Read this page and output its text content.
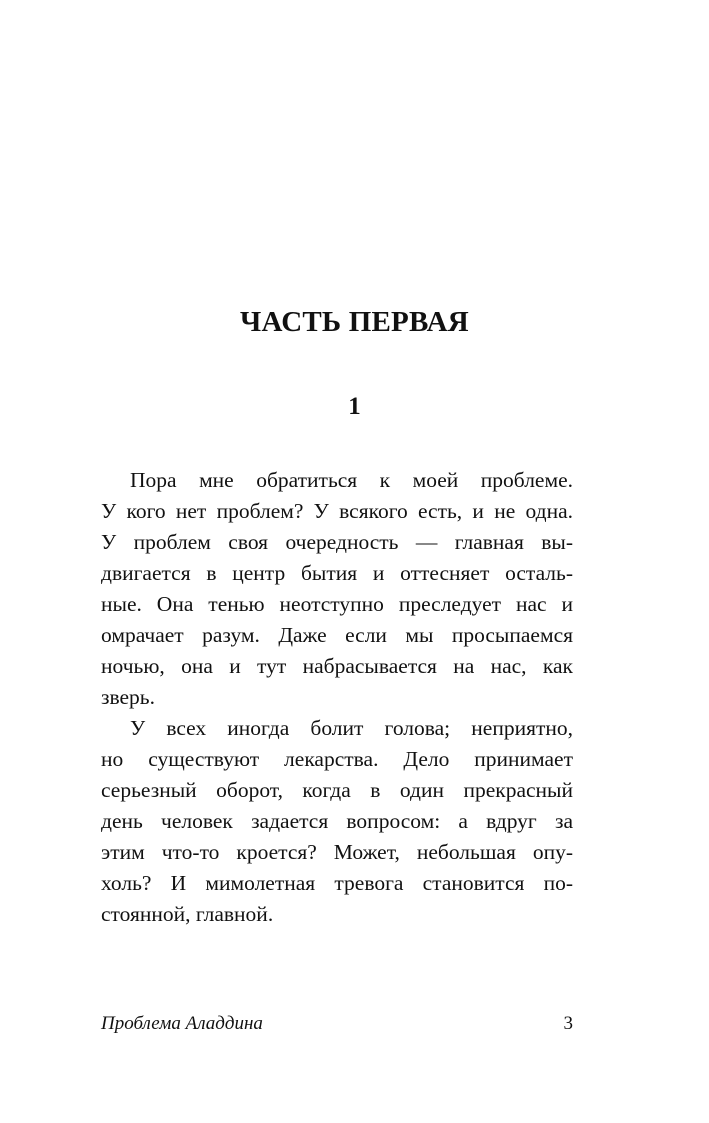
ЧАСТЬ ПЕРВАЯ
1
Пора мне обратиться к моей проблеме.
У кого нет проблем? У всякого есть, и не одна.
У проблем своя очередность — главная вы-
двигается в центр бытия и оттесняет осталь-
ные. Она тенью неотступно преследует нас и
омрачает разум. Даже если мы просыпаемся
ночью, она и тут набрасывается на нас, как
зверь.
У всех иногда болит голова; неприятно,
но существуют лекарства. Дело принимает
серьезный оборот, когда в один прекрасный
день человек задается вопросом: а вдруг за
этим что-то кроется? Может, небольшая опу-
холь? И мимолетная тревога становится по-
стоянной, главной.
Проблема Аладдина	3
